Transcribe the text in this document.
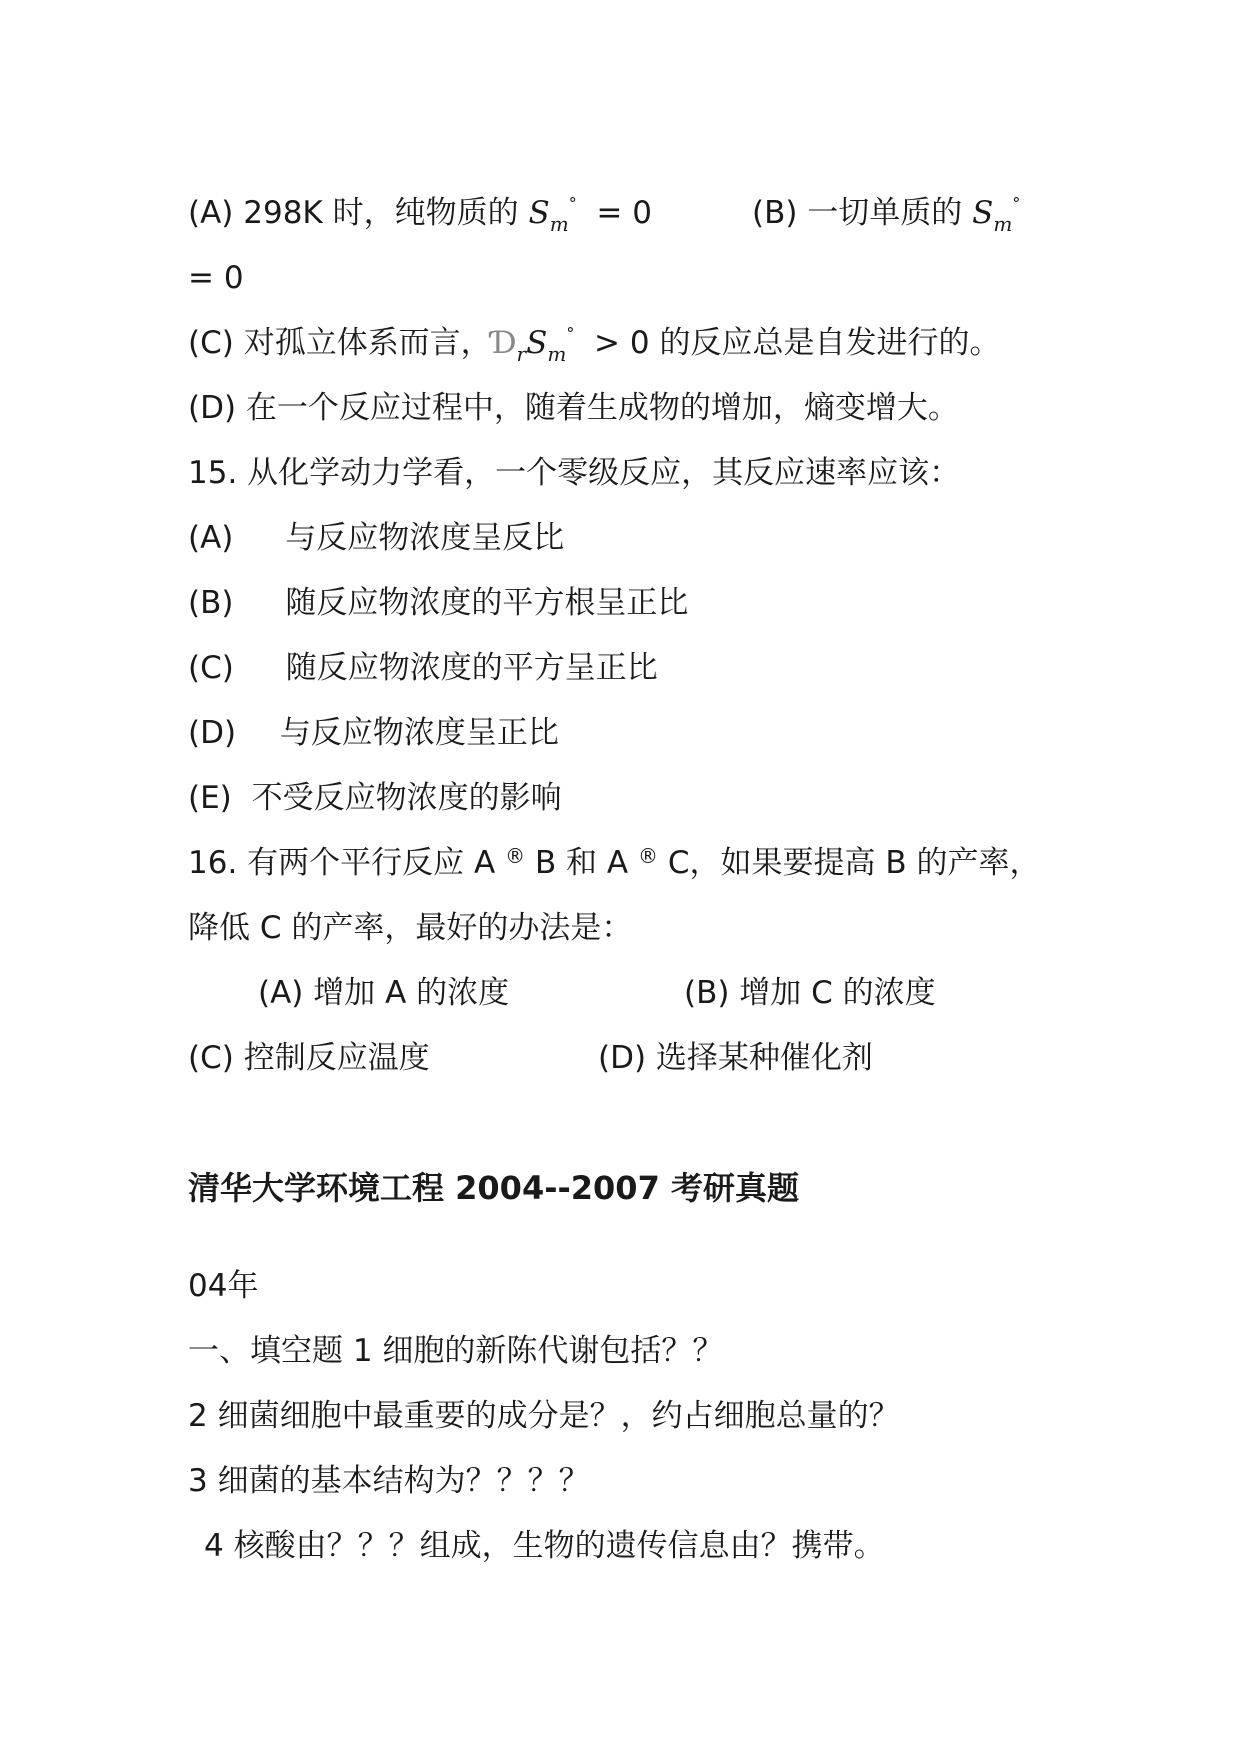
(A) 298K 时，纯物质的 $S_m^\circ = 0$	(B) 一切单质的 $S_m^\circ$
= 0
(C) 对孤立体系而言，$Ɗ_rS_m^\circ > 0$ 的反应总是自发进行的。
(D) 在一个反应过程中，随着生成物的增加，熵变增大。
15. 从化学动力学看，一个零级反应，其反应速率应该：
(A) 与反应物浓度呈反比
(B) 随反应物浓度的平方根呈正比
(C) 随反应物浓度的平方呈正比
(D) 与反应物浓度呈正比
(E) 不受反应物浓度的影响
16. 有两个平行反应 A ® B 和 A ® C，如果要提高 B 的产率，
降低 C 的产率，最好的办法是：
(A) 增加 A 的浓度	(B) 增加 C 的浓度
(C) 控制反应温度	(D) 选择某种催化剂
清华大学环境工程 2004--2007 考研真题
04年
一、填空题 1 细胞的新陈代谢包括？？
2 细菌细胞中最重要的成分是？，约占细胞总量的？
3 细菌的基本结构为？？？？
4 核酸由？？？组成，生物的遗传信息由？携带。
